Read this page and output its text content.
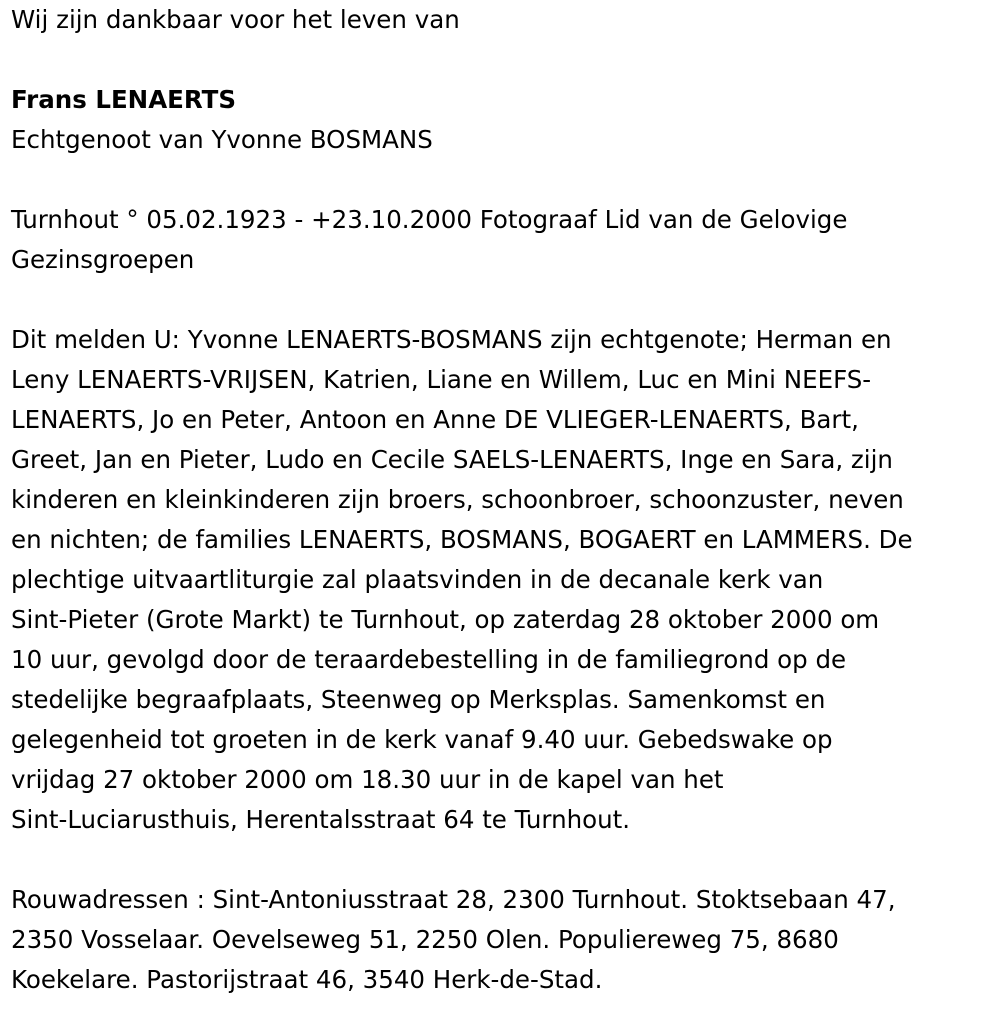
Wij zijn dankbaar voor het leven van

Frans LENAERTS

Echtgenoot van Yvonne BOSMANS

Turnhout ° 05.02.1923 - +23.10.2000 Fotograaf Lid van de Gelovige

Gezinsgroepen

Dit melden U: Yvonne LENAERTS-BOSMANS zijn echtgenote; Herman en

Leny LENAERTS-VRIJSEN, Katrien, Liane en Willem, Luc en Mini NEEFS-

LENAERTS, Jo en Peter, Antoon en Anne DE VLIEGER-LENAERTS, Bart,

Greet, Jan en Pieter, Ludo en Cecile SAELS-LENAERTS, Inge en Sara, zijn

kinderen en kleinkinderen zijn broers, schoonbroer, schoonzuster, neven

en nichten; de families LENAERTS, BOSMANS, BOGAERT en LAMMERS. De

plechtige uitvaartliturgie zal plaatsvinden in de decanale kerk van

Sint-Pieter (Grote Markt) te Turnhout, op zaterdag 28 oktober 2000 om

10 uur, gevolgd door de teraardebestelling in de familiegrond op de

stedelijke begraafplaats, Steenweg op Merksplas. Samenkomst en

gelegenheid tot groeten in de kerk vanaf 9.40 uur. Gebedswake op

vrijdag 27 oktober 2000 om 18.30 uur in de kapel van het

Sint-Luciarusthuis, Herentalsstraat 64 te Turnhout.

Rouwadressen : Sint-Antoniusstraat 28, 2300 Turnhout. Stoktsebaan 47,

2350 Vosselaar. Oevelseweg 51, 2250 Olen. Populiereweg 75, 8680

Koekelare. Pastorijstraat 46, 3540 Herk-de-Stad.
